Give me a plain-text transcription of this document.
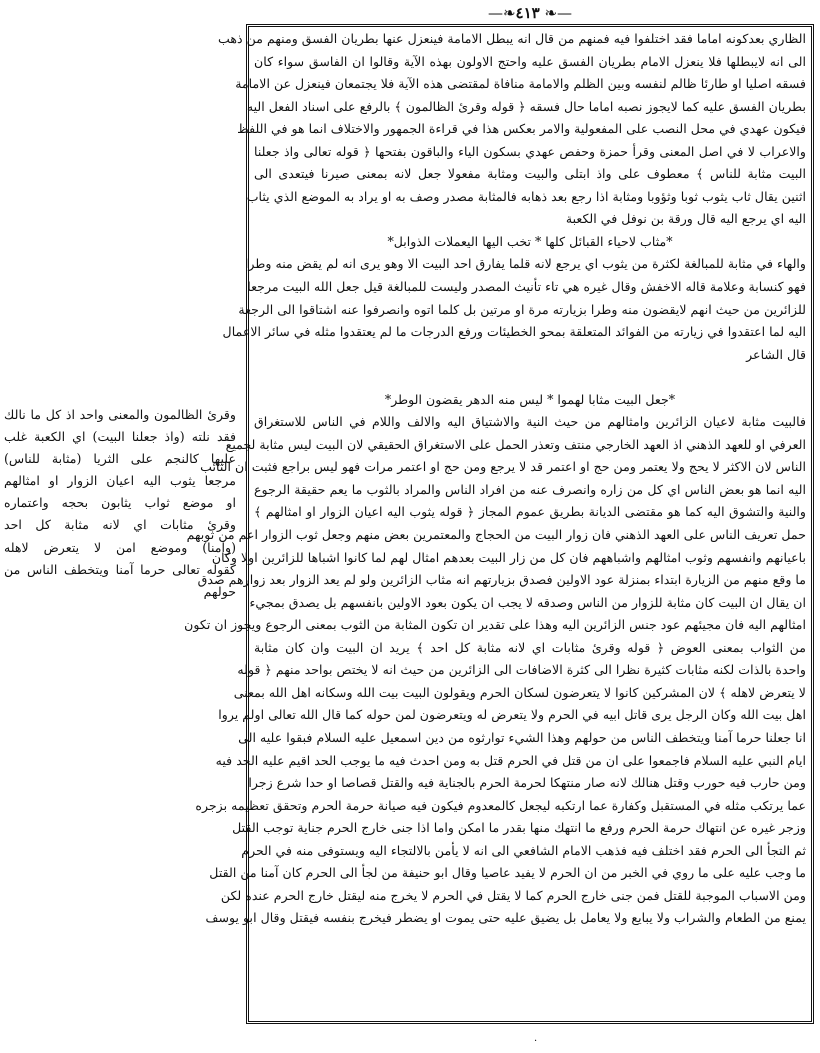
—❧ ٤١٣ ❧—
الظاري بعدكونه اماما فقد اختلفوا فيه فمنهم من قال انه يبطل الامامة فينعزل عنها بطريان الفسق ومنهم من ذهب
الى انه لايبطلها فلا ينعزل الامام بطريان الفسق عليه واحتج الاولون بهذه الآية وقالوا ان الفاسق سواء كان
فسقه اصليا او طارئا ظالم لنفسه وبين الظلم والامامة منافاة لمقتضى هذه الآية فلا يجتمعان فينعزل عن الامامة
بطريان الفسق عليه كما لايجوز نصبه اماما حال فسقه ﴿ قوله وقرئ الظالمون ﴾ بالرفع على اسناد الفعل اليه
فيكون عهدي في محل النصب على المفعولية والامر بعكس هذا في قراءة الجمهور والاختلاف انما هو في اللفظ
والاعراب لا في اصل المعنى وقرأ حمزة وحفص عهدي بسكون الياء والباقون بفتحها ﴿ قوله تعالى واذ جعلنا
البيت مثابة للناس ﴾ معطوف على واذ ابتلى والبيت ومثابة مفعولا جعل لانه بمعنى صيرنا فيتعدى الى
اثنين يقال ثاب يثوب ثوبا وثؤوبا ومثابة اذا رجع بعد ذهابه فالمثابة مصدر وصف به او يراد به الموضع الذي يثاب
اليه اي يرجع اليه قال ورقة بن نوفل في الكعبة
*مثاب لاحياء القبائل كلها * تخب اليها اليعملات الذوابل*
والهاء في مثابة للمبالغة لكثرة من يثوب اي يرجع لانه قلما يفارق احد البيت الا وهو يرى انه لم يقض منه وطرا
فهو كنسابة وعلامة قاله الاخفش وقال غيره هي تاء تأنيث المصدر وليست للمبالغة قيل جعل الله البيت مرجعا
للزائرين من حيث انهم لايقضون منه وطرا بزيارته مرة او مرتين بل كلما اتوه وانصرفوا عنه اشتاقوا الى الرجعة
اليه لما اعتقدوا في زيارته من الفوائد المتعلقة بمحو الخطيئات ورفع الدرجات ما لم يعتقدوا مثله في سائر الاعمال
قال الشاعر
*جعل البيت مثابا لهموا * ليس منه الدهر يقضون الوطر*
فالبيت مثابة لاعيان الزائرين وامثالهم من حيث النية والاشتياق اليه والالف واللام في الناس للاستغراق
العرفي او للعهد الذهني اذ العهد الخارجي منتف وتعذر الحمل على الاستغراق الحقيقي لان البيت ليس مثابة لجميع
الناس لان الاكثر لا يحج ولا يعتمر ومن حج او اعتمر قد لا يرجع ومن حج او اعتمر مرات فهو ليس براجع فثبت ان الثائب
اليه انما هو بعض الناس اي كل من زاره وانصرف عنه من افراد الناس والمراد بالثوب ما يعم حقيقة الرجوع
والنية والتشوق اليه كما هو مقتضى الديانة بطريق عموم المجاز ﴿ قوله يثوب اليه اعيان الزوار او امثالهم ﴾
حمل تعريف الناس على العهد الذهني فان زوار البيت من الحجاج والمعتمرين بعض منهم وجعل ثوب الزوار اعم من ثوبهم
باعيانهم وانفسهم وثوب امثالهم واشباههم فان كل من زار البيت بعدهم امثال لهم لما كانوا اشباها للزائرين اولا وكان
ما وقع منهم من الزيارة ابتداء بمنزلة عود الاولين فصدق بزيارتهم انه مثاب الزائرين ولو لم يعد الزوار بعد زوارهم صدق
ان يقال ان البيت كان مثابة للزوار من الناس وصدقه لا يجب ان يكون بعود الاولين بانفسهم بل يصدق بمجيء
امثالهم اليه فان مجيئهم عود جنس الزائرين اليه وهذا على تقدير ان تكون المثابة من الثوب بمعنى الرجوع ويجوز ان تكون
من الثواب بمعنى العوض ﴿ قوله وقرئ مثابات اي لانه مثابة كل احد ﴾ يريد ان البيت وان كان مثابة
واحدة بالذات لكنه مثابات كثيرة نظرا الى كثرة الاضافات الى الزائرين من حيث انه لا يختص بواحد منهم ﴿ قوله
لا يتعرض لاهله ﴾ لان المشركين كانوا لا يتعرضون لسكان الحرم ويقولون البيت بيت الله وسكانه اهل الله بمعنى
اهل بيت الله وكان الرجل يرى قاتل ابيه في الحرم ولا يتعرض له ويتعرضون لمن حوله كما قال الله تعالى اولم يروا
انا جعلنا حرما آمنا ويتخطف الناس من حولهم وهذا الشيء توارثوه من دين اسمعيل عليه السلام فبقوا عليه الى
ايام النبي عليه السلام فاجمعوا على ان من قتل في الحرم قتل به ومن احدث فيه ما يوجب الحد اقيم عليه الحد فيه
ومن حارب فيه حورب وقتل هنالك لانه صار منتهكا لحرمة الحرم بالجناية فيه والقتل قصاصا او حدا شرع زجرا
عما يرتكب مثله في المستقبل وكفارة عما ارتكبه ليجعل كالمعدوم فيكون فيه صيانة حرمة الحرم وتحقق تعظيمه بزجره
وزجر غيره عن انتهاك حرمة الحرم ورفع ما انتهك منها بقدر ما امكن واما اذا جنى خارج الحرم جناية توجب القتل
ثم التجأ الى الحرم فقد اختلف فيه فذهب الامام الشافعي الى انه لا يأمن بالالتجاء اليه ويستوفى منه في الحرم
ما وجب عليه على ما روي في الخبر من ان الحرم لا يفيد عاصيا وقال ابو حنيفة من لجأ الى الحرم كان آمنا من القتل
ومن الاسباب الموجبة للقتل فمن جنى خارج الحرم كما لا يقتل في الحرم لا يخرج منه ليقتل خارج الحرم عنده لكن
يمنع من الطعام والشراب ولا يبايع ولا يعامل بل يضيق عليه حتى يموت او يضطر فيخرج بنفسه فيقتل وقال ابو يوسف
وقرئ الظالمون والمعنى واحد اذ كل ما نالك
فقد نلته (واذ جعلنا البيت) اي الكعبة غلب
عليها كالنجم على الثريا (مثابة للناس)
مرجعا يثوب اليه اعيان الزوار او امثالهم
او موضع ثواب يثابون بحجه واعتماره
وقرئ مثابات اي لانه مثابة كل احد
(وامنا) وموضع امن لا يتعرض لاهله
كقوله تعالى حرما آمنا ويتخطف الناس من
حولهم
·
